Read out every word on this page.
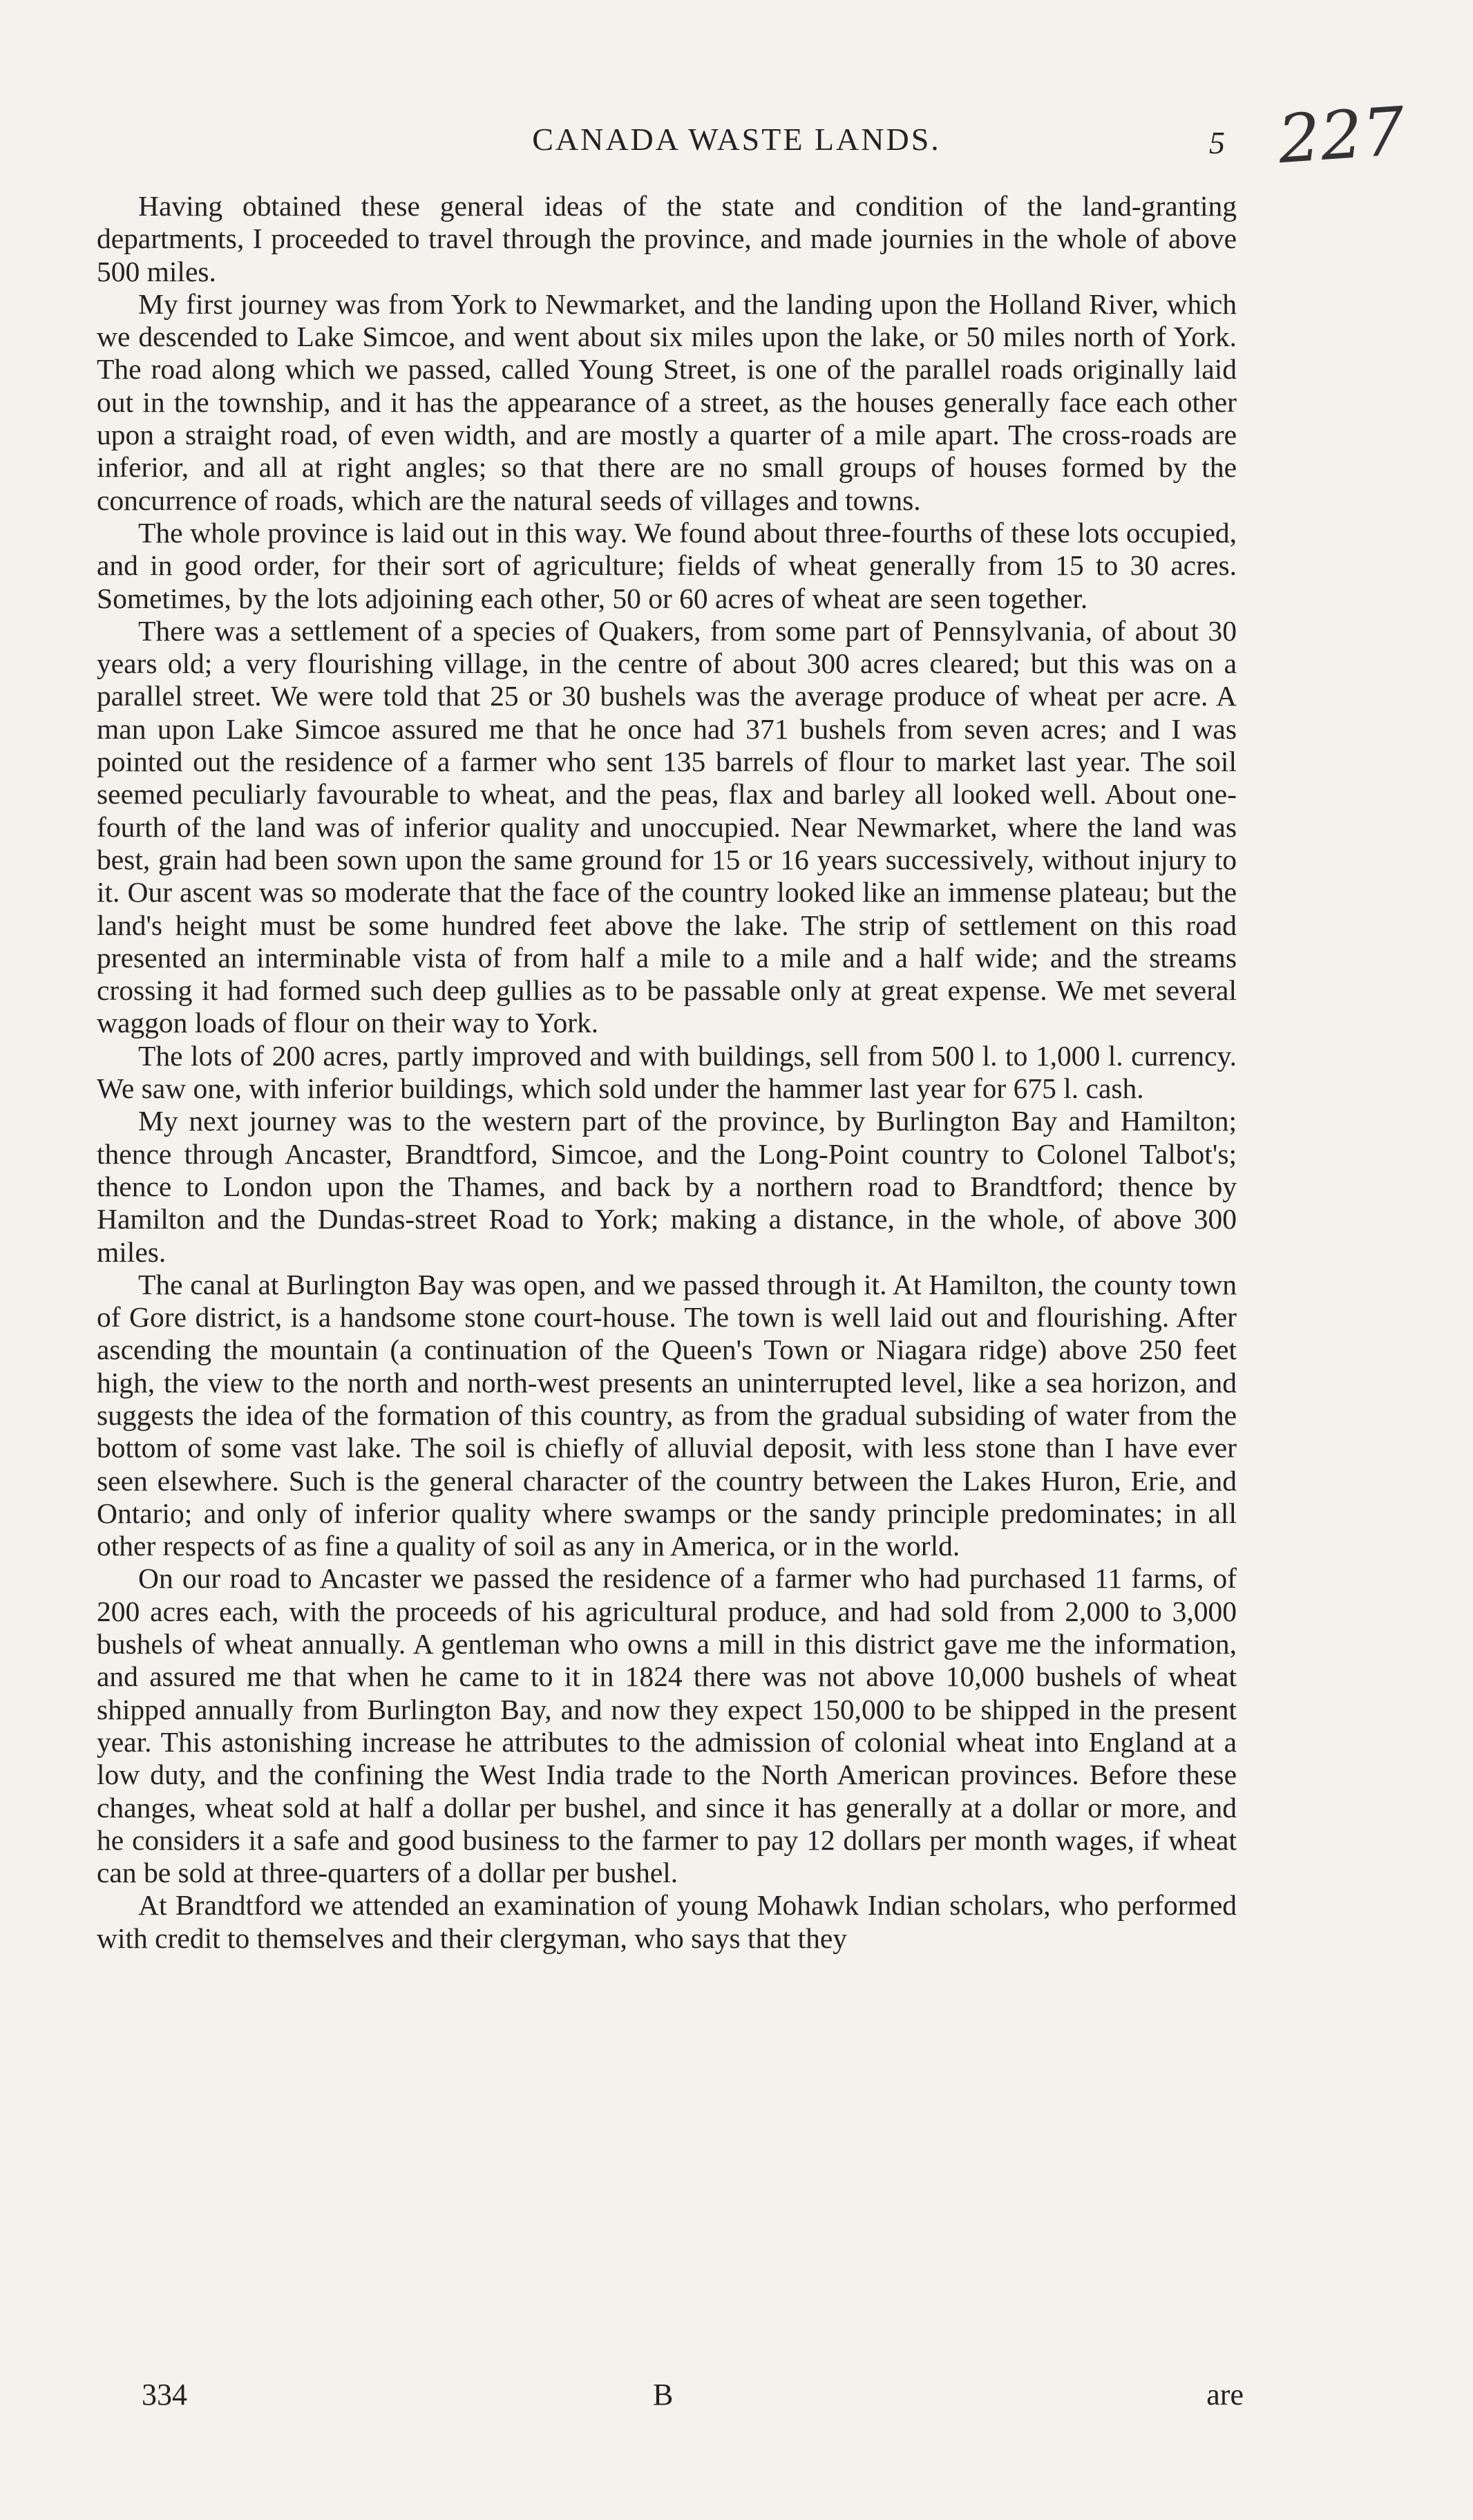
CANADA WASTE LANDS.	5 227

Having obtained these general ideas of the state and condition of the land-granting departments, I proceeded to travel through the province, and made journies in the whole of above 500 miles.

My first journey was from York to Newmarket, and the landing upon the Holland River, which we descended to Lake Simcoe, and went about six miles upon the lake, or 50 miles north of York. The road along which we passed, called Young Street, is one of the parallel roads originally laid out in the township, and it has the appearance of a street, as the houses generally face each other upon a straight road, of even width, and are mostly a quarter of a mile apart. The cross-roads are inferior, and all at right angles; so that there are no small groups of houses formed by the concurrence of roads, which are the natural seeds of villages and towns.

The whole province is laid out in this way. We found about three-fourths of these lots occupied, and in good order, for their sort of agriculture; fields of wheat generally from 15 to 30 acres. Sometimes, by the lots adjoining each other, 50 or 60 acres of wheat are seen together.

There was a settlement of a species of Quakers, from some part of Pennsylvania, of about 30 years old; a very flourishing village, in the centre of about 300 acres cleared; but this was on a parallel street. We were told that 25 or 30 bushels was the average produce of wheat per acre. A man upon Lake Simcoe assured me that he once had 371 bushels from seven acres; and I was pointed out the residence of a farmer who sent 135 barrels of flour to market last year. The soil seemed peculiarly favourable to wheat, and the peas, flax and barley all looked well. About one-fourth of the land was of inferior quality and unoccupied. Near Newmarket, where the land was best, grain had been sown upon the same ground for 15 or 16 years successively, without injury to it. Our ascent was so moderate that the face of the country looked like an immense plateau; but the land's height must be some hundred feet above the lake. The strip of settlement on this road presented an interminable vista of from half a mile to a mile and a half wide; and the streams crossing it had formed such deep gullies as to be passable only at great expense. We met several waggon loads of flour on their way to York.

The lots of 200 acres, partly improved and with buildings, sell from 500 l. to 1,000 l. currency. We saw one, with inferior buildings, which sold under the hammer last year for 675 l. cash.

My next journey was to the western part of the province, by Burlington Bay and Hamilton; thence through Ancaster, Brandtford, Simcoe, and the Long-Point country to Colonel Talbot's; thence to London upon the Thames, and back by a northern road to Brandtford; thence by Hamilton and the Dundas-street Road to York; making a distance, in the whole, of above 300 miles.

The canal at Burlington Bay was open, and we passed through it. At Hamilton, the county town of Gore district, is a handsome stone court-house. The town is well laid out and flourishing. After ascending the mountain (a continuation of the Queen's Town or Niagara ridge) above 250 feet high, the view to the north and north-west presents an uninterrupted level, like a sea horizon, and suggests the idea of the formation of this country, as from the gradual subsiding of water from the bottom of some vast lake. The soil is chiefly of alluvial deposit, with less stone than I have ever seen elsewhere. Such is the general character of the country between the Lakes Huron, Erie, and Ontario; and only of inferior quality where swamps or the sandy principle predominates; in all other respects of as fine a quality of soil as any in America, or in the world.

On our road to Ancaster we passed the residence of a farmer who had purchased 11 farms, of 200 acres each, with the proceeds of his agricultural produce, and had sold from 2,000 to 3,000 bushels of wheat annually. A gentleman who owns a mill in this district gave me the information, and assured me that when he came to it in 1824 there was not above 10,000 bushels of wheat shipped annually from Burlington Bay, and now they expect 150,000 to be shipped in the present year. This astonishing increase he attributes to the admission of colonial wheat into England at a low duty, and the confining the West India trade to the North American provinces. Before these changes, wheat sold at half a dollar per bushel, and since it has generally at a dollar or more, and he considers it a safe and good business to the farmer to pay 12 dollars per month wages, if wheat can be sold at three-quarters of a dollar per bushel.

At Brandtford we attended an examination of young Mohawk Indian scholars, who performed with credit to themselves and their clergyman, who says that they

334	B	are
